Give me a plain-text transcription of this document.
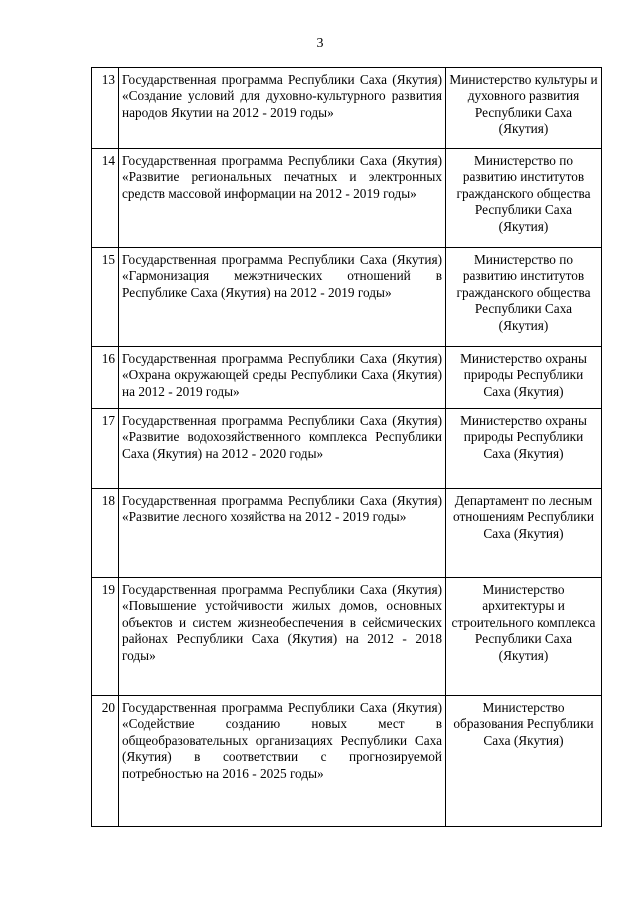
3
13	Государственная программа Республики Саха (Якутия) «Создание условий для духовно-культурного развития народов Якутии на 2012 - 2019 годы»	Министерство культуры и духовного развития Республики Саха (Якутия)
14	Государственная программа Республики Саха (Якутия) «Развитие региональных печатных и электронных средств массовой информации на 2012 - 2019 годы»	Министерство по развитию институтов гражданского общества Республики Саха (Якутия)
15	Государственная программа Республики Саха (Якутия) «Гармонизация межэтнических отношений в Республике Саха (Якутия) на 2012 - 2019 годы»	Министерство по развитию институтов гражданского общества Республики Саха (Якутия)
16	Государственная программа Республики Саха (Якутия) «Охрана окружающей среды Республики Саха (Якутия) на 2012 - 2019 годы»	Министерство охраны природы Республики Саха (Якутия)
17	Государственная программа Республики Саха (Якутия) «Развитие водохозяйственного комплекса Республики Саха (Якутия) на 2012 - 2020 годы»	Министерство охраны природы Республики Саха (Якутия)
18	Государственная программа Республики Саха (Якутия) «Развитие лесного хозяйства на 2012 - 2019 годы»	Департамент по лесным отношениям Республики Саха (Якутия)
19	Государственная программа Республики Саха (Якутия) «Повышение устойчивости жилых домов, основных объектов и систем жизнеобеспечения в сейсмических районах Республики Саха (Якутия) на 2012 - 2018 годы»	Министерство архитектуры и строительного комплекса Республики Саха (Якутия)
20	Государственная программа Республики Саха (Якутия) «Содействие созданию новых мест в общеобразовательных организациях Республики Саха (Якутия) в соответствии с прогнозируемой потребностью на 2016 - 2025 годы»	Министерство образования Республики Саха (Якутия)
